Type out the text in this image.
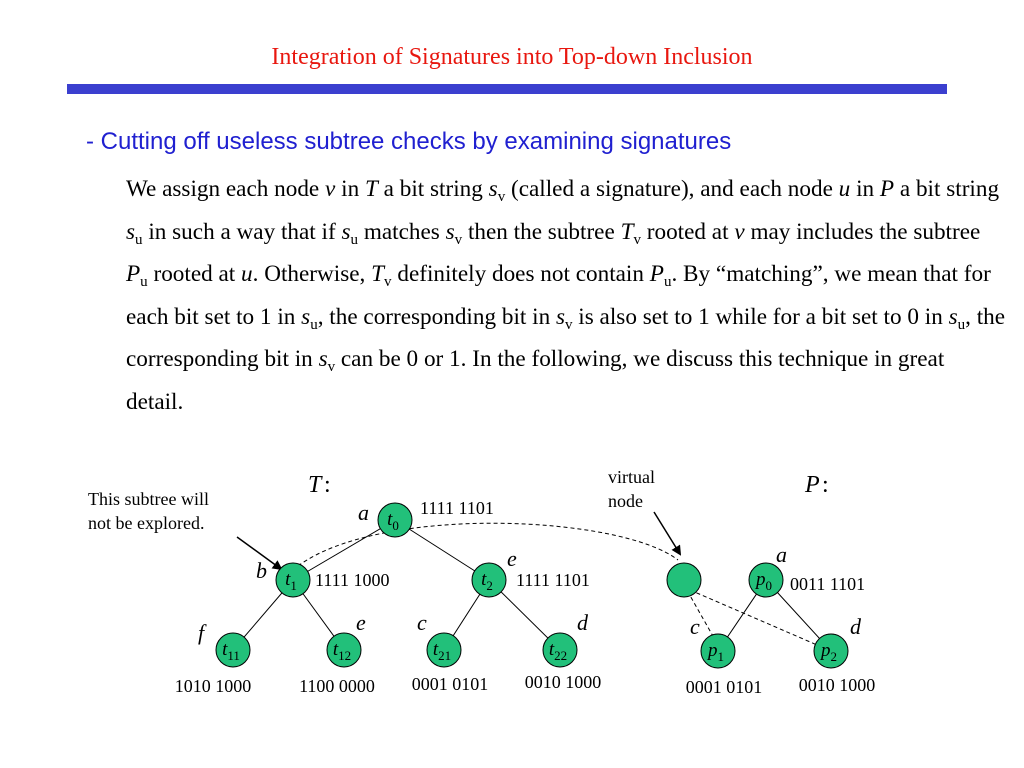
Integration of Signatures into Top-down Inclusion
- Cutting off useless subtree checks by examining signatures
We assign each node v in T a bit string $s_v$ (called a signature), and each node u in P a bit string $s_u$ in such a way that if $s_u$ matches $s_v$ then the subtree $T_v$ rooted at v may includes the subtree $P_u$ rooted at u. Otherwise, $T_v$ definitely does not contain $P_u$. By “matching”, we mean that for each bit set to 1 in $s_u$, the corresponding bit in $s_v$ is also set to 1 while for a bit set to 0 in $s_u$, the corresponding bit in $s_v$ can be 0 or 1. In the following, we discuss this technique in great detail.
This subtree will
not be explored.
virtual
node
T :	P :
$t_0$
a	1111 1101
$t_1$
b	1111 1000	$t_2$
e
1111 1101
$t_{11}$
f
1010 1000
$t_{12}$
e
1100 0000
$t_{21}$
c
0001 0101
$t_{22}$
d
0010 1000
$p_0$
a
0011 1101
$p_1$
c
0001 0101
$p_2$
d
0010 1000
